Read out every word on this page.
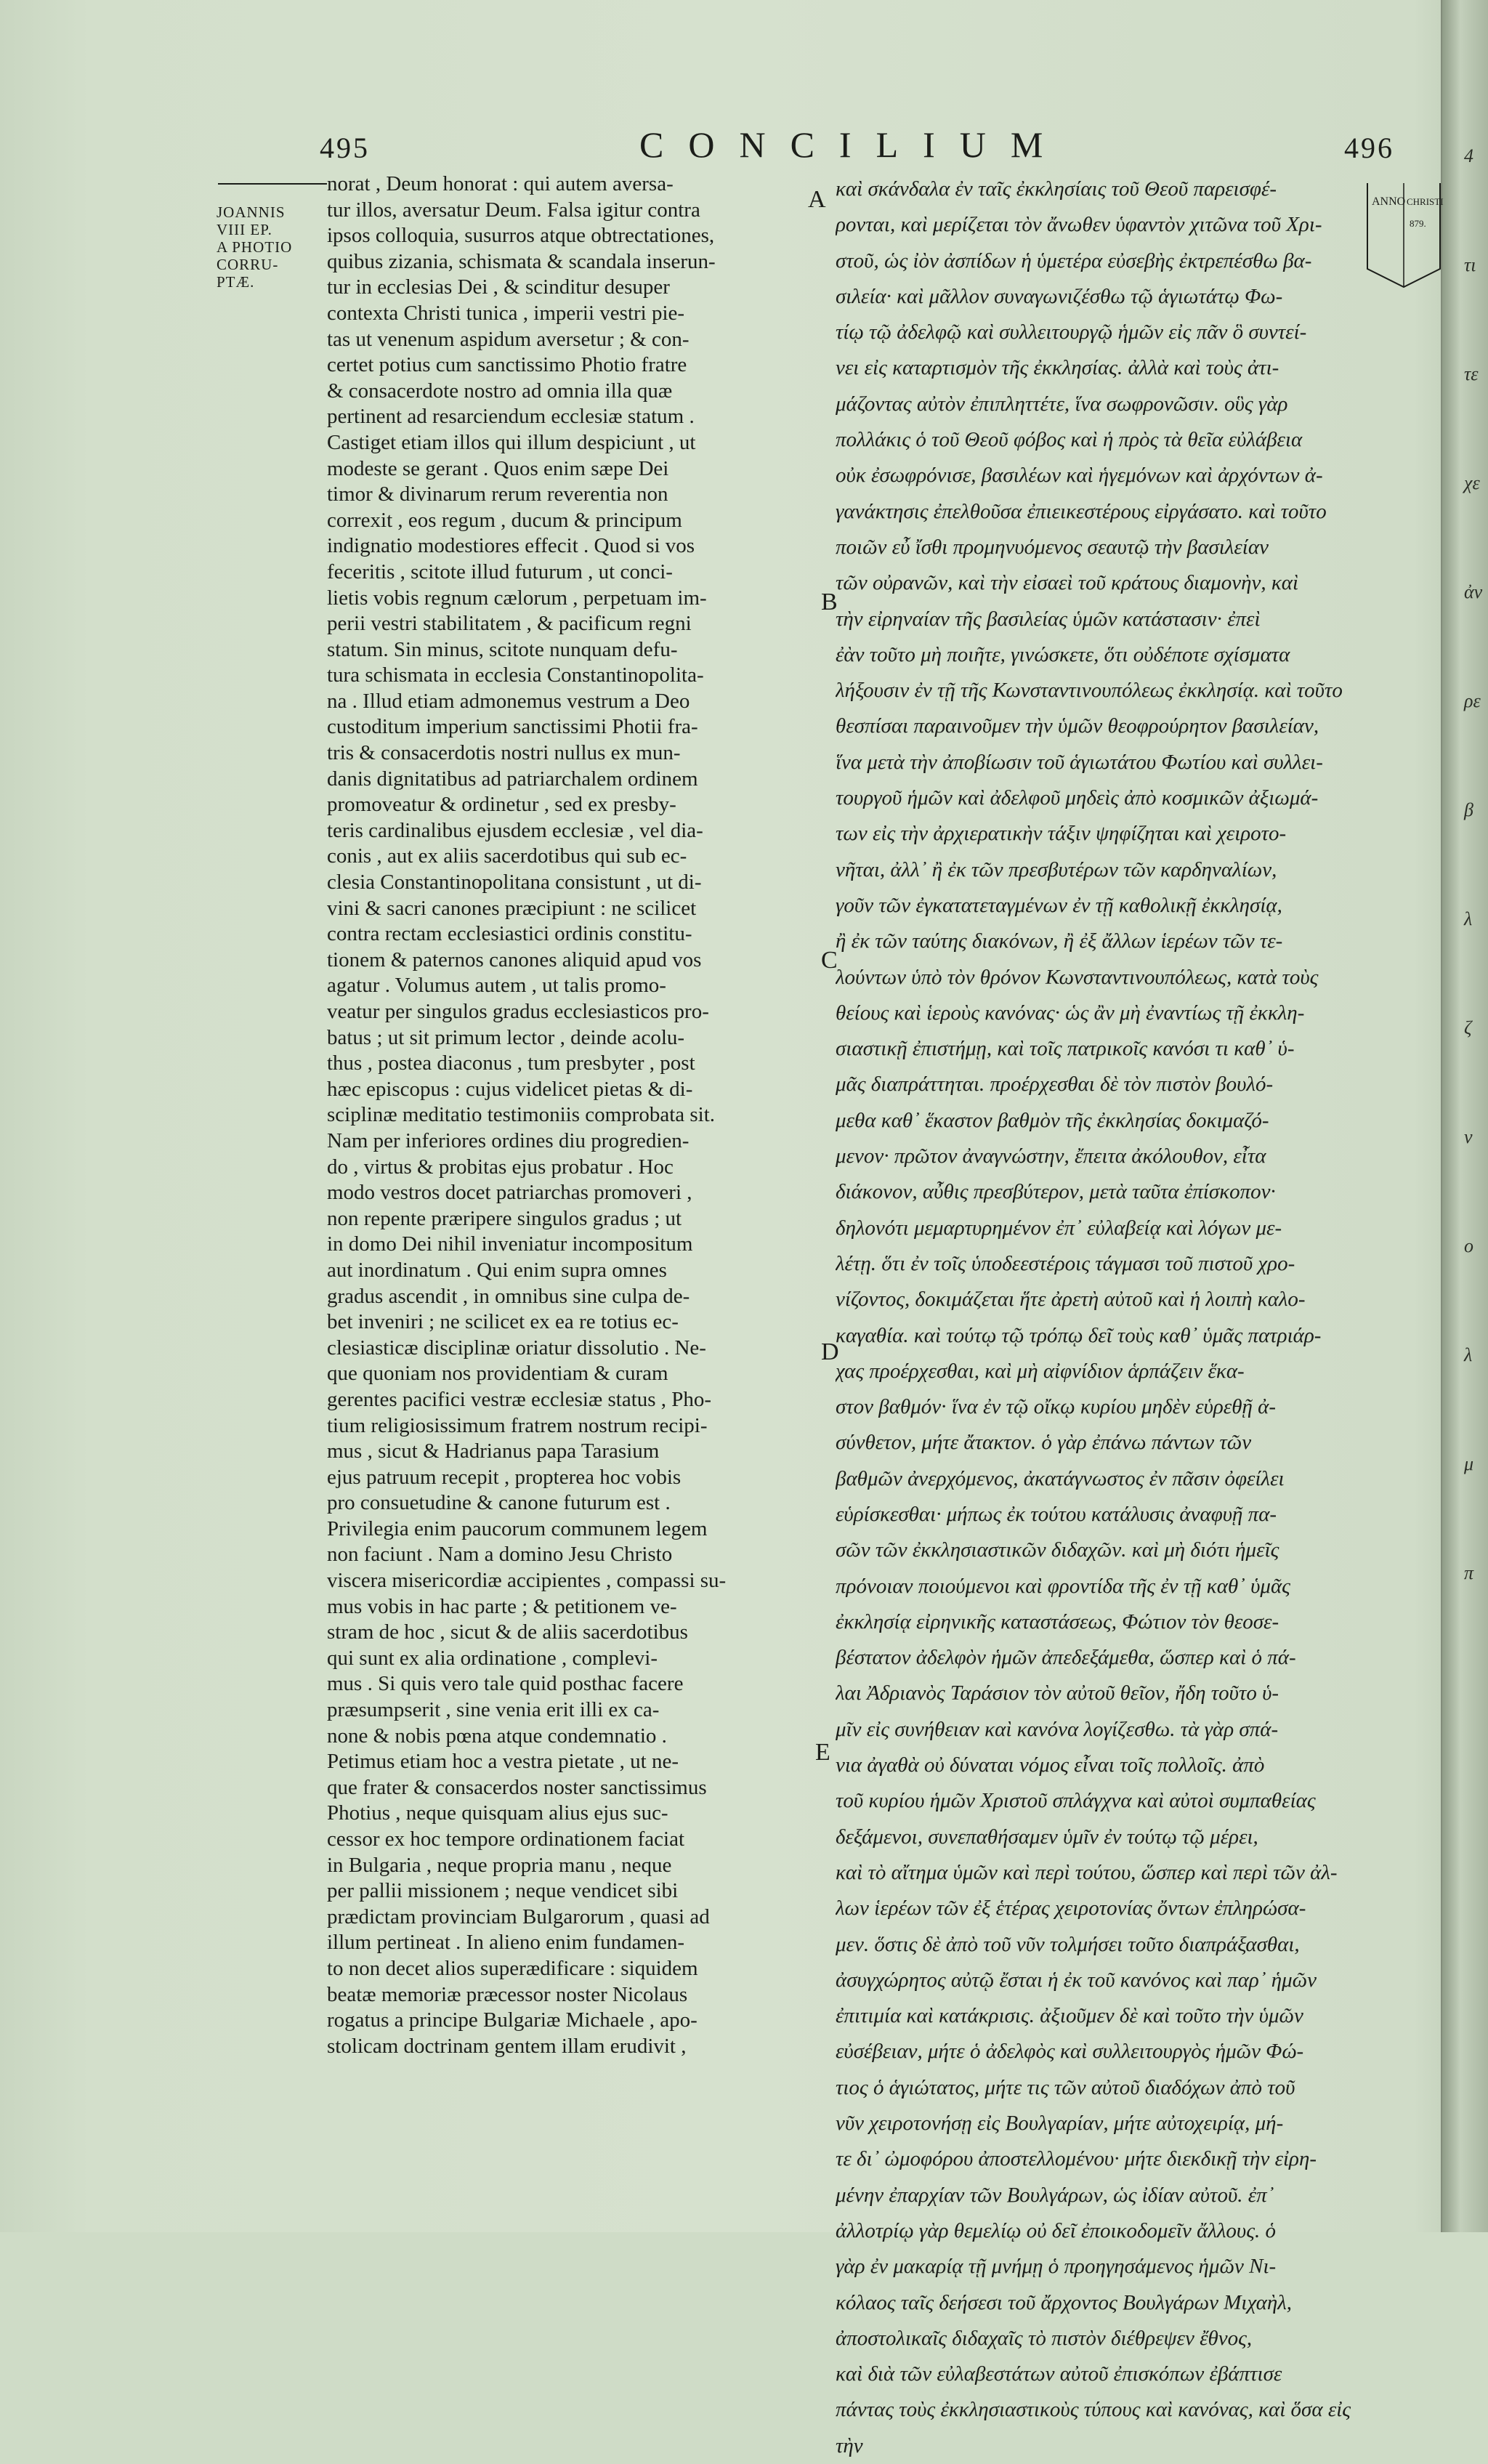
495	CONCILIUM	496
JOANNIS
VIII EP.
A PHOTIO
CORRU-
PTÆ.
ANNO CHRISTI
879.
norat , Deum honorat : qui autem aversa-
tur illos, aversatur Deum. Falsa igitur contra
ipsos colloquia, susurros atque obtrectationes,
quibus zizania, schismata & scandala inserun-
tur in ecclesias Dei , & scinditur desuper
contexta Christi tunica , imperii vestri pie-
tas ut venenum aspidum aversetur ; & con-
certet potius cum sanctissimo Photio fratre
& consacerdote nostro ad omnia illa quæ
pertinent ad resarciendum ecclesiæ statum .
Castiget etiam illos qui illum despiciunt , ut
modeste se gerant . Quos enim sæpe Dei
timor & divinarum rerum reverentia non
correxit , eos regum , ducum & principum
indignatio modestiores effecit . Quod si vos
feceritis , scitote illud futurum , ut conci-
lietis vobis regnum cælorum , perpetuam im-
perii vestri stabilitatem , & pacificum regni
statum. Sin minus, scitote nunquam defu-
tura schismata in ecclesia Constantinopolita-
na . Illud etiam admonemus vestrum a Deo
custoditum imperium sanctissimi Photii fra-
tris & consacerdotis nostri nullus ex mun-
danis dignitatibus ad patriarchalem ordinem
promoveatur & ordinetur , sed ex presby-
teris cardinalibus ejusdem ecclesiæ , vel dia-
conis , aut ex aliis sacerdotibus qui sub ec-
clesia Constantinopolitana consistunt , ut di-
vini & sacri canones præcipiunt : ne scilicet
contra rectam ecclesiastici ordinis constitu-
tionem & paternos canones aliquid apud vos
agatur . Volumus autem , ut talis promo-
veatur per singulos gradus ecclesiasticos pro-
batus ; ut sit primum lector , deinde acolu-
thus , postea diaconus , tum presbyter , post
hæc episcopus : cujus videlicet pietas & di-
sciplinæ meditatio testimoniis comprobata sit.
Nam per inferiores ordines diu progredien-
do , virtus & probitas ejus probatur . Hoc
modo vestros docet patriarchas promoveri ,
non repente præripere singulos gradus ; ut
in domo Dei nihil inveniatur incompositum
aut inordinatum . Qui enim supra omnes
gradus ascendit , in omnibus sine culpa de-
bet inveniri ; ne scilicet ex ea re totius ec-
clesiasticæ disciplinæ oriatur dissolutio . Ne-
que quoniam nos providentiam & curam
gerentes pacifici vestræ ecclesiæ status , Pho-
tium religiosissimum fratrem nostrum recipi-
mus , sicut & Hadrianus papa Tarasium
ejus patruum recepit , propterea hoc vobis
pro consuetudine & canone futurum est .
Privilegia enim paucorum communem legem
non faciunt . Nam a domino Jesu Christo
viscera misericordiæ accipientes , compassi su-
mus vobis in hac parte ; & petitionem ve-
stram de hoc , sicut & de aliis sacerdotibus
qui sunt ex alia ordinatione , complevi-
mus . Si quis vero tale quid posthac facere
præsumpserit , sine venia erit illi ex ca-
none & nobis pœna atque condemnatio .
Petimus etiam hoc a vestra pietate , ut ne-
que frater & consacerdos noster sanctissimus
Photius , neque quisquam alius ejus suc-
cessor ex hoc tempore ordinationem faciat
in Bulgaria , neque propria manu , neque
per pallii missionem ; neque vendicet sibi
prædictam provinciam Bulgarorum , quasi ad
illum pertineat . In alieno enim fundamen-
to non decet alios superædificare : siquidem
beatæ memoriæ præcessor noster Nicolaus
rogatus a principe Bulgariæ Michaele , apo-
stolicam doctrinam gentem illam erudivit ,
καὶ σκάνδαλα ἐν ταῖς ἐκκλησίαις τοῦ Θεοῦ παρεισφέ-
ρονται, καὶ μερίζεται τὸν ἄνωθεν ὑφαντὸν χιτῶνα τοῦ Χρι-
στοῦ, ὡς ἰὸν ἀσπίδων ἡ ὑμετέρα εὐσεβὴς ἐκτρεπέσθω βα-
σιλεία· καὶ μᾶλλον συναγωνιζέσθω τῷ ἁγιωτάτῳ Φω-
τίῳ τῷ ἀδελφῷ καὶ συλλειτουργῷ ἡμῶν εἰς πᾶν ὃ συντεί-
νει εἰς καταρτισμὸν τῆς ἐκκλησίας. ἀλλὰ καὶ τοὺς ἀτι-
μάζοντας αὐτὸν ἐπιπληττέτε, ἵνα σωφρονῶσιν. οὓς γὰρ
πολλάκις ὁ τοῦ Θεοῦ φόβος καὶ ἡ πρὸς τὰ θεῖα εὐλάβεια
οὐκ ἐσωφρόνισε, βασιλέων καὶ ἡγεμόνων καὶ ἀρχόντων ἀ-
γανάκτησις ἐπελθοῦσα ἐπιεικεστέρους εἰργάσατο. καὶ τοῦτο
ποιῶν εὖ ἴσθι προμηνυόμενος σεαυτῷ τὴν βασιλείαν
τῶν οὐρανῶν, καὶ τὴν εἰσαεὶ τοῦ κράτους διαμονὴν, καὶ
τὴν εἰρηναίαν τῆς βασιλείας ὑμῶν κατάστασιν· ἐπεὶ
ἐὰν τοῦτο μὴ ποιῆτε, γινώσκετε, ὅτι οὐδέποτε σχίσματα
λήξουσιν ἐν τῇ τῆς Κωνσταντινουπόλεως ἐκκλησίᾳ. καὶ τοῦτο
θεσπίσαι παραινοῦμεν τὴν ὑμῶν θεοφρούρητον βασιλείαν,
ἵνα μετὰ τὴν ἀποβίωσιν τοῦ ἁγιωτάτου Φωτίου καὶ συλλει-
τουργοῦ ἡμῶν καὶ ἀδελφοῦ μηδεὶς ἀπὸ κοσμικῶν ἀξιωμά-
των εἰς τὴν ἀρχιερατικὴν τάξιν ψηφίζηται καὶ χειροτο-
νῆται, ἀλλ᾽ ἢ ἐκ τῶν πρεσβυτέρων τῶν καρδηναλίων,
γοῦν τῶν ἐγκατατεταγμένων ἐν τῇ καθολικῇ ἐκκλησίᾳ,
ἢ ἐκ τῶν ταύτης διακόνων, ἢ ἐξ ἄλλων ἱερέων τῶν τε-
λούντων ὑπὸ τὸν θρόνον Κωνσταντινουπόλεως, κατὰ τοὺς
θείους καὶ ἱεροὺς κανόνας· ὡς ἂν μὴ ἐναντίως τῇ ἐκκλη-
σιαστικῇ ἐπιστήμῃ, καὶ τοῖς πατρικοῖς κανόσι τι καθ᾽ ὑ-
μᾶς διαπράττηται. προέρχεσθαι δὲ τὸν πιστὸν βουλό-
μεθα καθ᾽ ἕκαστον βαθμὸν τῆς ἐκκλησίας δοκιμαζό-
μενον· πρῶτον ἀναγνώστην, ἔπειτα ἀκόλουθον, εἶτα
διάκονον, αὖθις πρεσβύτερον, μετὰ ταῦτα ἐπίσκοπον·
δηλονότι μεμαρτυρημένον ἐπ᾽ εὐλαβείᾳ καὶ λόγων με-
λέτῃ. ὅτι ἐν τοῖς ὑποδεεστέροις τάγμασι τοῦ πιστοῦ χρο-
νίζοντος, δοκιμάζεται ἥτε ἀρετὴ αὐτοῦ καὶ ἡ λοιπὴ καλο-
καγαθία. καὶ τούτῳ τῷ τρόπῳ δεῖ τοὺς καθ᾽ ὑμᾶς πατριάρ-
χας προέρχεσθαι, καὶ μὴ αἰφνίδιον ἁρπάζειν ἕκα-
στον βαθμόν· ἵνα ἐν τῷ οἴκῳ κυρίου μηδὲν εὑρεθῇ ἀ-
σύνθετον, μήτε ἄτακτον. ὁ γὰρ ἐπάνω πάντων τῶν
βαθμῶν ἀνερχόμενος, ἀκατάγνωστος ἐν πᾶσιν ὀφείλει
εὑρίσκεσθαι· μήπως ἐκ τούτου κατάλυσις ἀναφυῇ πα-
σῶν τῶν ἐκκλησιαστικῶν διδαχῶν. καὶ μὴ διότι ἡμεῖς
πρόνοιαν ποιούμενοι καὶ φροντίδα τῆς ἐν τῇ καθ᾽ ὑμᾶς
ἐκκλησίᾳ εἰρηνικῆς καταστάσεως, Φώτιον τὸν θεοσε-
βέστατον ἀδελφὸν ἡμῶν ἀπεδεξάμεθα, ὥσπερ καὶ ὁ πά-
λαι Ἀδριανὸς Ταράσιον τὸν αὐτοῦ θεῖον, ἤδη τοῦτο ὑ-
μῖν εἰς συνήθειαν καὶ κανόνα λογίζεσθω. τὰ γὰρ σπά-
νια ἀγαθὰ οὐ δύναται νόμος εἶναι τοῖς πολλοῖς. ἀπὸ
τοῦ κυρίου ἡμῶν Χριστοῦ σπλάγχνα καὶ αὐτοὶ συμπαθείας
δεξάμενοι, συνεπαθήσαμεν ὑμῖν ἐν τούτῳ τῷ μέρει,
καὶ τὸ αἴτημα ὑμῶν καὶ περὶ τούτου, ὥσπερ καὶ περὶ τῶν ἀλ-
λων ἱερέων τῶν ἐξ ἑτέρας χειροτονίας ὄντων ἐπληρώσα-
μεν. ὅστις δὲ ἀπὸ τοῦ νῦν τολμήσει τοῦτο διαπράξασθαι,
ἀσυγχώρητος αὐτῷ ἔσται ἡ ἐκ τοῦ κανόνος καὶ παρ᾽ ἡμῶν
ἐπιτιμία καὶ κατάκρισις. ἀξιοῦμεν δὲ καὶ τοῦτο τὴν ὑμῶν
εὐσέβειαν, μήτε ὁ ἀδελφὸς καὶ συλλειτουργὸς ἡμῶν Φώ-
τιος ὁ ἁγιώτατος, μήτε τις τῶν αὐτοῦ διαδόχων ἀπὸ τοῦ
νῦν χειροτονήσῃ εἰς Βουλγαρίαν, μήτε αὐτοχειρίᾳ, μή-
τε δι᾽ ὠμοφόρου ἀποστελλομένου· μήτε διεκδικῇ τὴν εἰρη-
μένην ἐπαρχίαν τῶν Βουλγάρων, ὡς ἰδίαν αὐτοῦ. ἐπ᾽
ἀλλοτρίῳ γὰρ θεμελίῳ οὐ δεῖ ἐποικοδομεῖν ἄλλους. ὁ
γὰρ ἐν μακαρίᾳ τῇ μνήμῃ ὁ προηγησάμενος ἡμῶν Νι-
κόλαος ταῖς δεήσεσι τοῦ ἄρχοντος Βουλγάρων Μιχαὴλ,
ἀποστολικαῖς διδαχαῖς τὸ πιστὸν διέθρεψεν ἔθνος,
καὶ διὰ τῶν εὐλαβεστάτων αὐτοῦ ἐπισκόπων ἐβάπτισε
πάντας τοὺς ἐκκλησιαστικοὺς τύπους καὶ κανόνας, καὶ ὅσα εἰς
τὴν
A
B
C
D
E
4
τι
τε
χε
ἀν
ρε
β
λ
ζ
ν
ο
λ
μ
π
